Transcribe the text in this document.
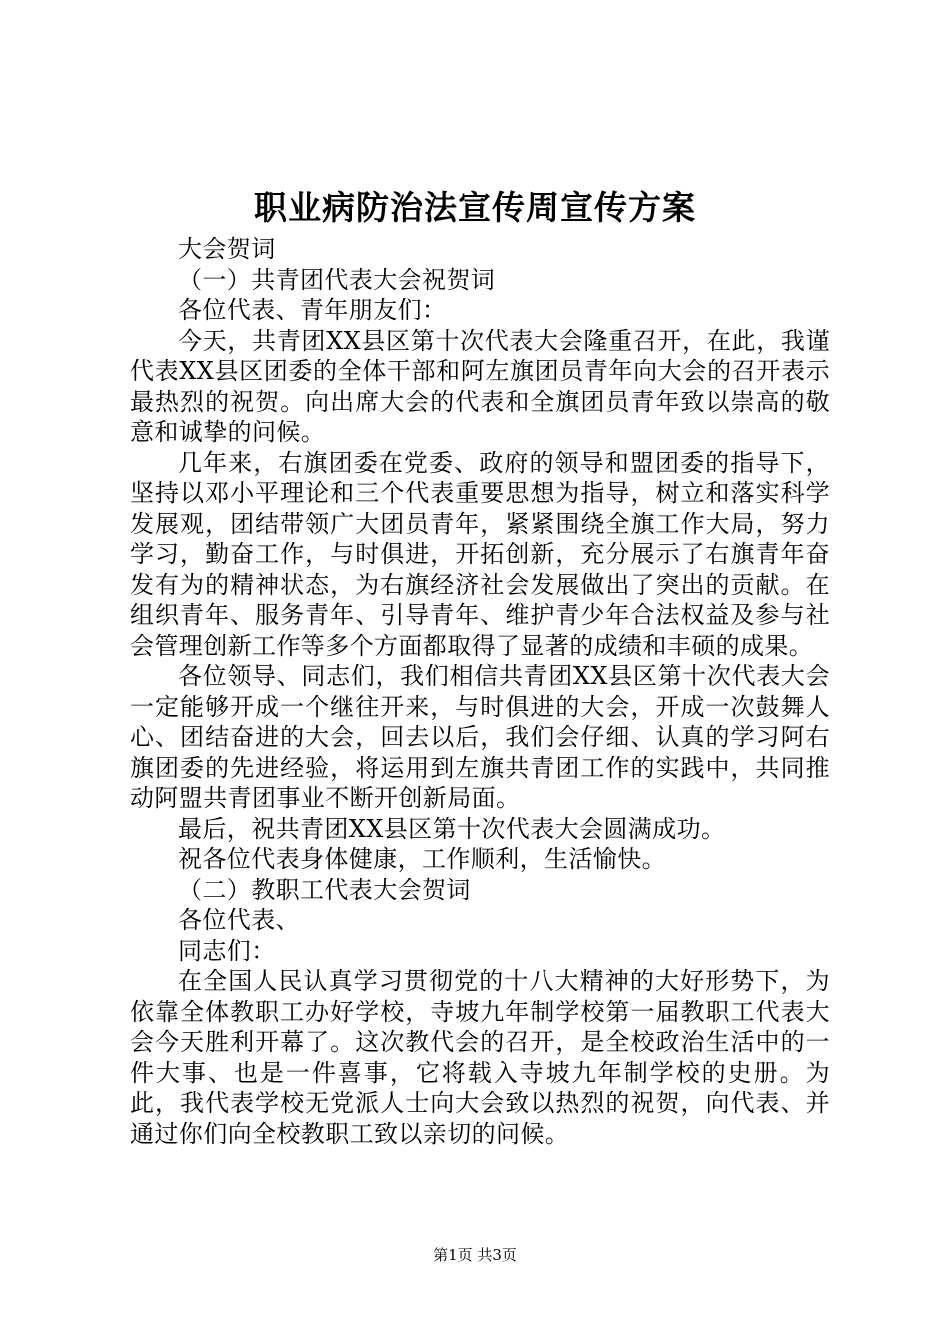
职业病防治法宣传周宣传方案

大会贺词

（一）共青团代表大会祝贺词

各位代表、青年朋友们：

今天，共青团XX县区第十次代表大会隆重召开，在此，我谨代表XX县区团委的全体干部和阿左旗团员青年向大会的召开表示最热烈的祝贺。向出席大会的代表和全旗团员青年致以崇高的敬意和诚挚的问候。

几年来，右旗团委在党委、政府的领导和盟团委的指导下，坚持以邓小平理论和三个代表重要思想为指导，树立和落实科学发展观，团结带领广大团员青年，紧紧围绕全旗工作大局，努力学习，勤奋工作，与时俱进，开拓创新，充分展示了右旗青年奋发有为的精神状态，为右旗经济社会发展做出了突出的贡献。在组织青年、服务青年、引导青年、维护青少年合法权益及参与社会管理创新工作等多个方面都取得了显著的成绩和丰硕的成果。

各位领导、同志们，我们相信共青团XX县区第十次代表大会一定能够开成一个继往开来，与时俱进的大会，开成一次鼓舞人心、团结奋进的大会，回去以后，我们会仔细、认真的学习阿右旗团委的先进经验，将运用到左旗共青团工作的实践中，共同推动阿盟共青团事业不断开创新局面。

最后，祝共青团XX县区第十次代表大会圆满成功。

祝各位代表身体健康，工作顺利，生活愉快。

（二）教职工代表大会贺词

各位代表、

同志们：

在全国人民认真学习贯彻党的十八大精神的大好形势下，为依靠全体教职工办好学校，寺坡九年制学校第一届教职工代表大会今天胜利开幕了。这次教代会的召开，是全校政治生活中的一件大事、也是一件喜事，它将载入寺坡九年制学校的史册。为此，我代表学校无党派人士向大会致以热烈的祝贺，向代表、并通过你们向全校教职工致以亲切的问候。

第1页 共3页
